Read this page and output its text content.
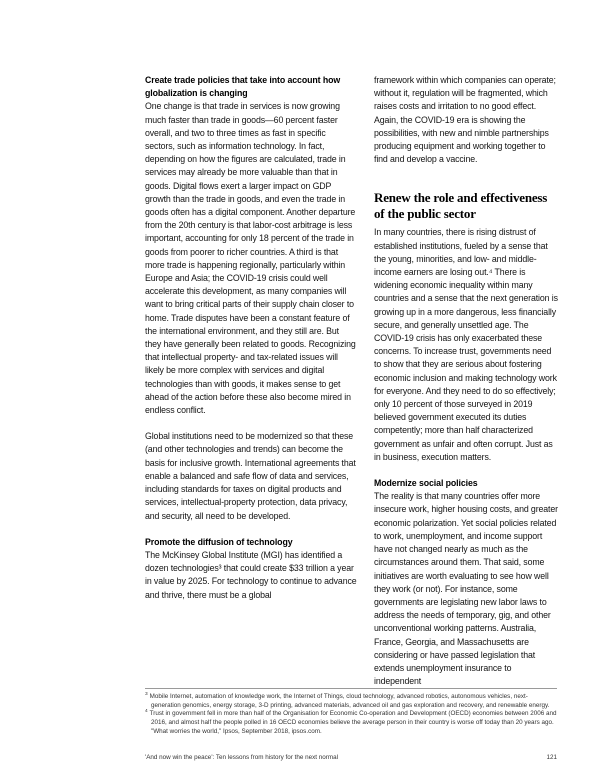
Create trade policies that take into account how globalization is changing

One change is that trade in services is now growing much faster than trade in goods—60 percent faster overall, and two to three times as fast in specific sectors, such as information technology. In fact, depending on how the figures are calculated, trade in services may already be more valuable than that in goods. Digital flows exert a larger impact on GDP growth than the trade in goods, and even the trade in goods often has a digital component. Another departure from the 20th century is that labor-cost arbitrage is less important, accounting for only 18 percent of the trade in goods from poorer to richer countries. A third is that more trade is happening regionally, particularly within Europe and Asia; the COVID-19 crisis could well accelerate this development, as many companies will want to bring critical parts of their supply chain closer to home. Trade disputes have been a constant feature of the international environment, and they still are. But they have generally been related to goods. Recognizing that intellectual property- and tax-related issues will likely be more complex with services and digital technologies than with goods, it makes sense to get ahead of the action before these also become mired in endless conflict.

Global institutions need to be modernized so that these (and other technologies and trends) can become the basis for inclusive growth. International agreements that enable a balanced and safe flow of data and services, including standards for taxes on digital products and services, intellectual-property protection, data privacy, and security, all need to be developed.

Promote the diffusion of technology

The McKinsey Global Institute (MGI) has identified a dozen technologies³ that could create $33 trillion a year in value by 2025. For technology to continue to advance and thrive, there must be a global

framework within which companies can operate; without it, regulation will be fragmented, which raises costs and irritation to no good effect. Again, the COVID-19 era is showing the possibilities, with new and nimble partnerships producing equipment and working together to find and develop a vaccine.

Renew the role and effectiveness of the public sector

In many countries, there is rising distrust of established institutions, fueled by a sense that the young, minorities, and low- and middle-income earners are losing out.⁴ There is widening economic inequality within many countries and a sense that the next generation is growing up in a more dangerous, less financially secure, and generally unsettled age. The COVID-19 crisis has only exacerbated these concerns. To increase trust, governments need to show that they are serious about fostering economic inclusion and making technology work for everyone. And they need to do so effectively; only 10 percent of those surveyed in 2019 believed government executed its duties competently; more than half characterized government as unfair and often corrupt. Just as in business, execution matters.

Modernize social policies

The reality is that many countries offer more insecure work, higher housing costs, and greater economic polarization. Yet social policies related to work, unemployment, and income support have not changed nearly as much as the circumstances around them. That said, some initiatives are worth evaluating to see how well they work (or not). For instance, some governments are legislating new labor laws to address the needs of temporary, gig, and other unconventional working patterns. Australia, France, Georgia, and Massachusetts are considering or have passed legislation that extends unemployment insurance to independent

$^3$ Mobile Internet, automation of knowledge work, the Internet of Things, cloud technology, advanced robotics, autonomous vehicles, next-generation genomics, energy storage, 3-D printing, advanced materials, advanced oil and gas exploration and recovery, and renewable energy.

$^4$ Trust in government fell in more than half of the Organisation for Economic Co-operation and Development (OECD) economies between 2006 and 2016, and almost half the people polled in 16 OECD economies believe the average person in their country is worse off today than 20 years ago. "What worries the world," Ipsos, September 2018, ipsos.com.

'And now win the peace': Ten lessons from history for the next normal	121
